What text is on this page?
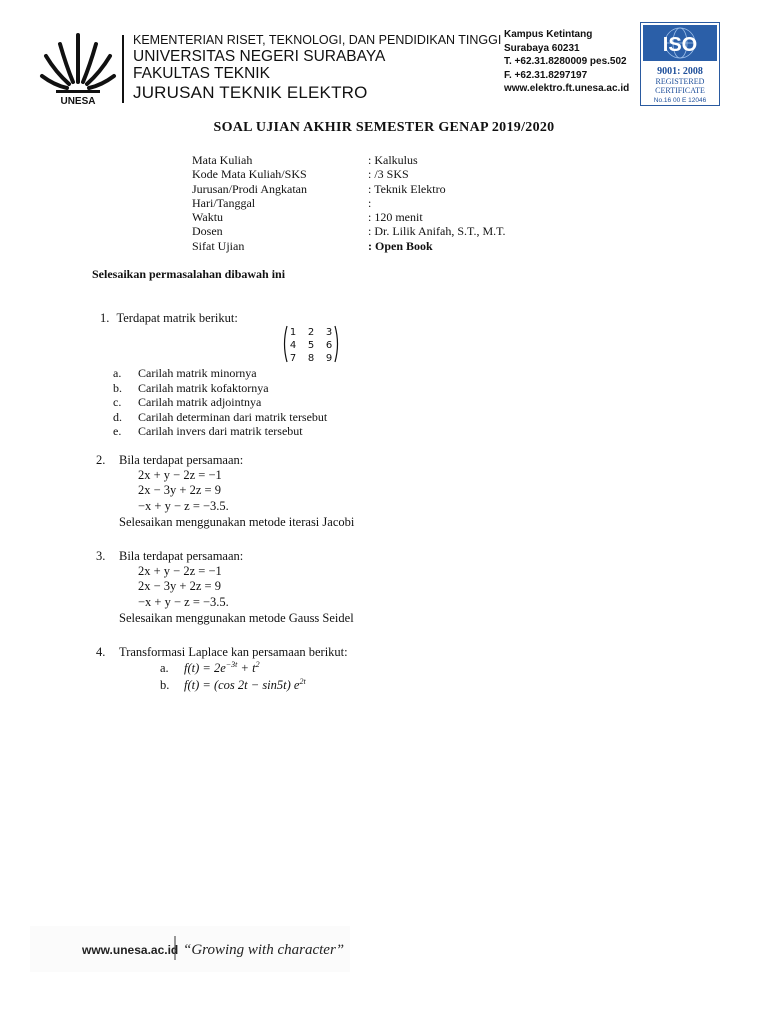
UNESA
KEMENTERIAN RISET, TEKNOLOGI, DAN PENDIDIKAN TINGGI
UNIVERSITAS NEGERI SURABAYA
FAKULTAS TEKNIK
JURUSAN TEKNIK ELEKTRO
Kampus Ketintang
Surabaya 60231
T. +62.31.8280009 pes.502
F. +62.31.8297197
www.elektro.ft.unesa.ac.id
ISO
9001: 2008
REGISTERED
CERTIFICATE
No.16 00 E 12046
SOAL UJIAN AKHIR SEMESTER GENAP 2019/2020
Mata Kuliah	: Kalkulus
Kode Mata Kuliah/SKS	: /3 SKS
Jurusan/Prodi Angkatan	: Teknik Elektro
Hari/Tanggal	:
Waktu	: 120 menit
Dosen	: Dr. Lilik Anifah, S.T., M.T.
Sifat Ujian	: Open Book
Selesaikan permasalahan dibawah ini
1. Terdapat matrik berikut:
1 2 3
4 5 6
7 8 9
a. Carilah matrik minornya
b. Carilah matrik kofaktornya
c. Carilah matrik adjointnya
d. Carilah determinan dari matrik tersebut
e. Carilah invers dari matrik tersebut
2. Bila terdapat persamaan:
2x + y − 2z = −1
2x − 3y + 2z = 9
−x + y − z = −3.5.
Selesaikan menggunakan metode iterasi Jacobi
3. Bila terdapat persamaan:
2x + y − 2z = −1
2x − 3y + 2z = 9
−x + y − z = −3.5.
Selesaikan menggunakan metode Gauss Seidel
4. Transformasi Laplace kan persamaan berikut:
a. $f(t) = 2e^{-3t} + t^2$
b. f(t) = (cos 2t − sin5t) $e^{2t}$
www.unesa.ac.id “Growing with character”
